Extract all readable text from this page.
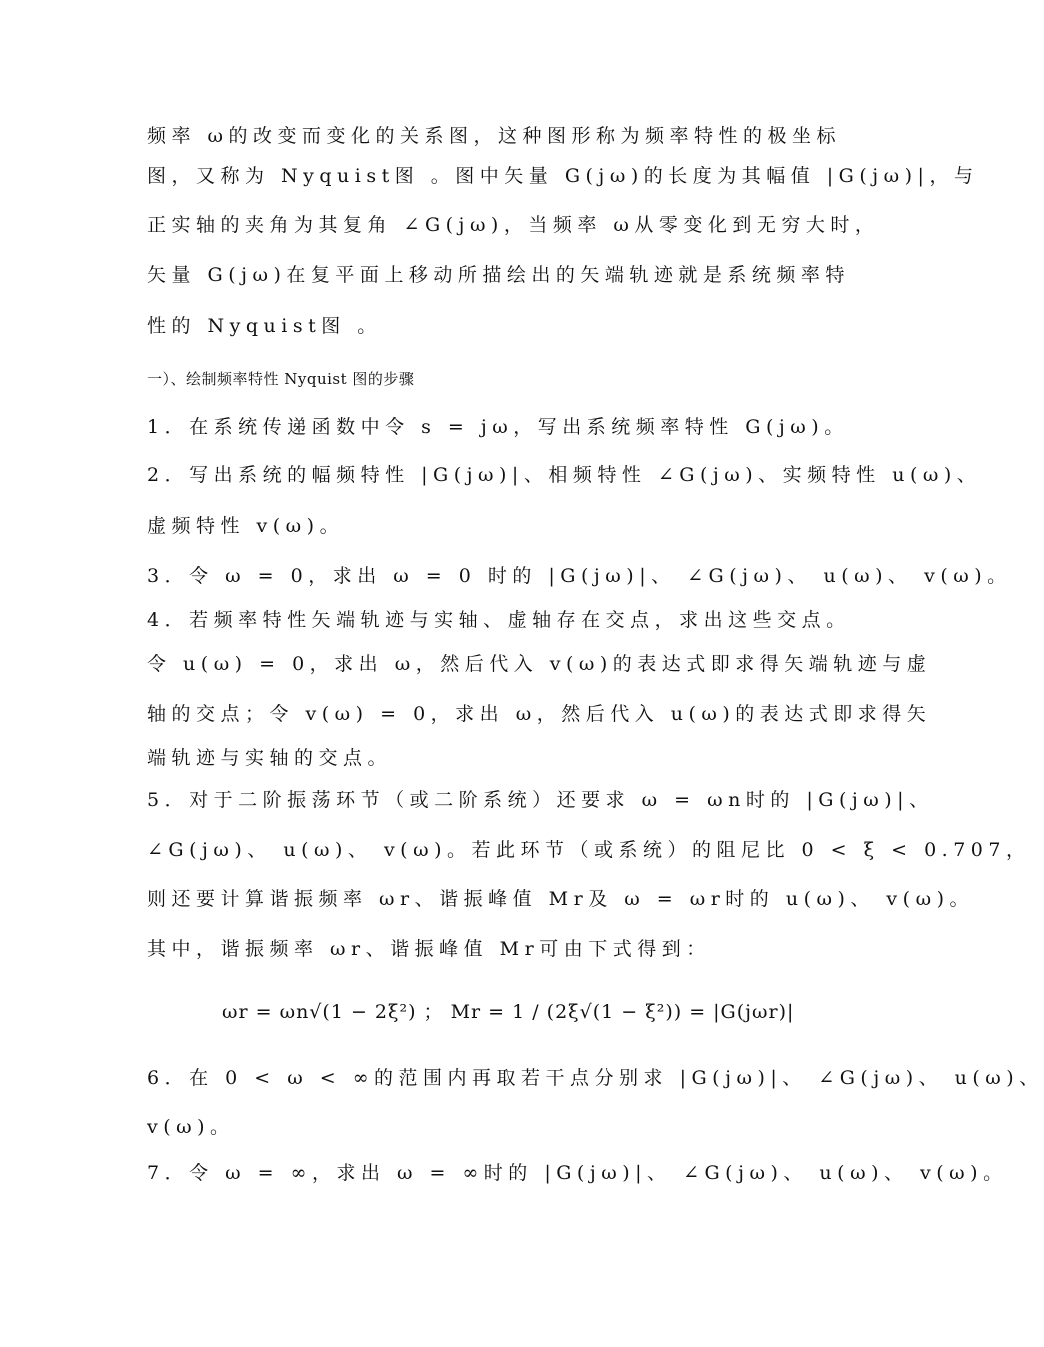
频率 ω的改变而变化的关系图，这种图形称为频率特性的极坐标
图，又称为 Nyquist图 。图中矢量 G(jω)的长度为其幅值 |G(jω)|，与
正实轴的夹角为其复角 ∠G(jω)，当频率 ω从零变化到无穷大时，
矢量 G(jω)在复平面上移动所描绘出的矢端轨迹就是系统频率特
性的 Nyquist图 。
一）、绘制频率特性 Nyquist 图的步骤
1．在系统传递函数中令 s = jω，写出系统频率特性 G(jω)。
2．写出系统的幅频特性 |G(jω)|、相频特性 ∠G(jω)、实频特性 u(ω)、
虚频特性 v(ω)。
3．令 ω = 0，求出 ω = 0 时的 |G(jω)|、 ∠G(jω)、 u(ω)、 v(ω)。
4．若频率特性矢端轨迹与实轴、虚轴存在交点，求出这些交点。
令 u(ω) = 0，求出 ω，然后代入 v(ω)的表达式即求得矢端轨迹与虚
轴的交点；令 v(ω) = 0，求出 ω，然后代入 u(ω)的表达式即求得矢
端轨迹与实轴的交点。
5．对于二阶振荡环节（或二阶系统）还要求 ω = ωn时的 |G(jω)|、
∠G(jω)、 u(ω)、 v(ω)。若此环节（或系统）的阻尼比 0 < ξ < 0.707，
则还要计算谐振频率 ωr、谐振峰值 Mr及 ω = ωr时的 u(ω)、 v(ω)。
其中，谐振频率 ωr、谐振峰值 Mr可由下式得到：
ωr = ωn√(1 − 2ξ²) ； Mr = 1 / (2ξ√(1 − ξ²)) = |G(jωr)|
6．在 0 < ω < ∞的范围内再取若干点分别求 |G(jω)|、 ∠G(jω)、 u(ω)、
v(ω)。
7．令 ω = ∞，求出 ω = ∞时的 |G(jω)|、 ∠G(jω)、 u(ω)、 v(ω)。
